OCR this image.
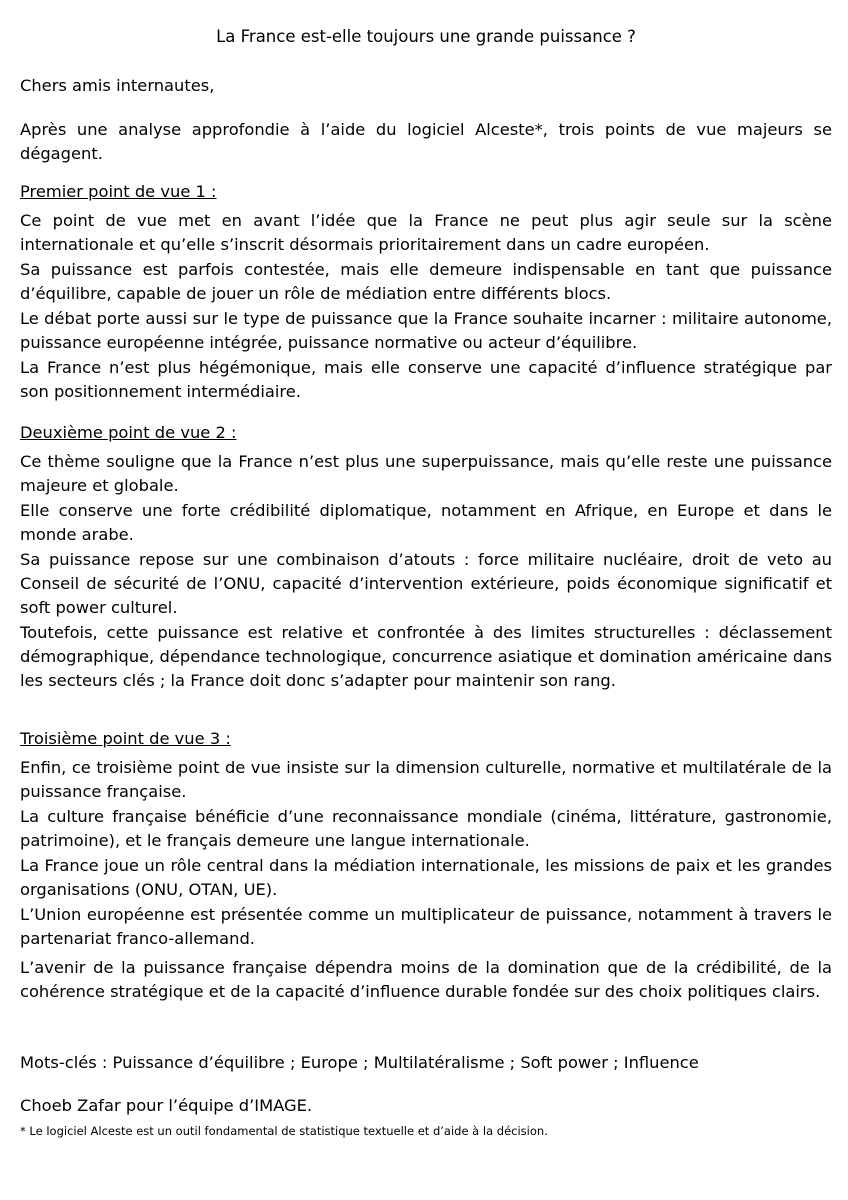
La France est-elle toujours une grande puissance ?

Chers amis internautes,

Après une analyse approfondie à l’aide du logiciel Alceste*, trois points de vue majeurs se dégagent.

Premier point de vue 1 :

Ce point de vue met en avant l’idée que la France ne peut plus agir seule sur la scène internationale et qu’elle s’inscrit désormais prioritairement dans un cadre européen.

Sa puissance est parfois contestée, mais elle demeure indispensable en tant que puissance d’équilibre, capable de jouer un rôle de médiation entre différents blocs.

Le débat porte aussi sur le type de puissance que la France souhaite incarner : militaire autonome, puissance européenne intégrée, puissance normative ou acteur d’équilibre.

La France n’est plus hégémonique, mais elle conserve une capacité d’influence stratégique par son positionnement intermédiaire.

Deuxième point de vue 2 :

Ce thème souligne que la France n’est plus une superpuissance, mais qu’elle reste une puissance majeure et globale.

Elle conserve une forte crédibilité diplomatique, notamment en Afrique, en Europe et dans le monde arabe.

Sa puissance repose sur une combinaison d’atouts : force militaire nucléaire, droit de veto au Conseil de sécurité de l’ONU, capacité d’intervention extérieure, poids économique significatif et soft power culturel.

Toutefois, cette puissance est relative et confrontée à des limites structurelles : déclassement démographique, dépendance technologique, concurrence asiatique et domination américaine dans les secteurs clés ; la France doit donc s’adapter pour maintenir son rang.

Troisième point de vue 3 :

Enfin, ce troisième point de vue insiste sur la dimension culturelle, normative et multilatérale de la puissance française.

La culture française bénéficie d’une reconnaissance mondiale (cinéma, littérature, gastronomie, patrimoine), et le français demeure une langue internationale.

La France joue un rôle central dans la médiation internationale, les missions de paix et les grandes organisations (ONU, OTAN, UE).

L’Union européenne est présentée comme un multiplicateur de puissance, notamment à travers le partenariat franco-allemand.

L’avenir de la puissance française dépendra moins de la domination que de la crédibilité, de la cohérence stratégique et de la capacité d’influence durable fondée sur des choix politiques clairs.

Mots-clés : Puissance d’équilibre ; Europe ; Multilatéralisme ; Soft power ; Influence

Choeb Zafar pour l’équipe d’IMAGE.

* Le logiciel Alceste est un outil fondamental de statistique textuelle et d’aide à la décision.
